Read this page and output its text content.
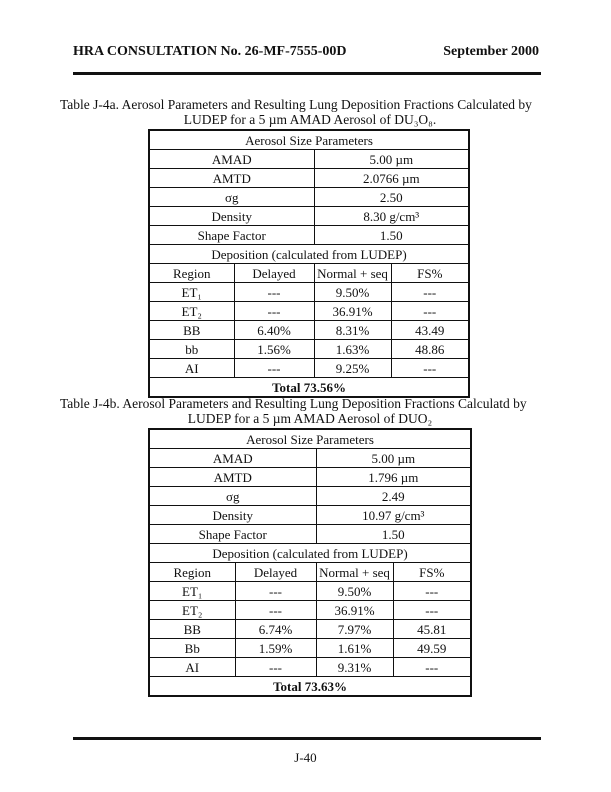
HRA CONSULTATION No. 26-MF-7555-00D	September 2000
Table J-4a. Aerosol Parameters and Resulting Lung Deposition Fractions Calculated by
LUDEP for a 5 µm AMAD Aerosol of DU₃O₈.
Aerosol Size Parameters			
AMAD		5.00 µm	
AMTD		2.0766 µm	
σg		2.50	
Density		8.30 g/cm³	
Shape Factor		1.50	
Deposition (calculated from LUDEP)			
Region	Delayed	Normal + seq	FS%
ET₁	---	9.50%	---
ET₂	---	36.91%	---
BB	6.40%	8.31%	43.49
bb	1.56%	1.63%	48.86
AI	---	9.25%	---
Total 73.56%			
Table J-4b. Aerosol Parameters and Resulting Lung Deposition Fractions Calculatd by
LUDEP for a 5 µm AMAD Aerosol of DUO₂
Aerosol Size Parameters			
AMAD		5.00 µm	
AMTD		1.796 µm	
σg		2.49	
Density		10.97 g/cm³	
Shape Factor		1.50	
Deposition (calculated from LUDEP)			
Region	Delayed	Normal + seq	FS%
ET₁	---	9.50%	---
ET₂	---	36.91%	---
BB	6.74%	7.97%	45.81
Bb	1.59%	1.61%	49.59
AI	---	9.31%	---
Total 73.63%			
J-40
